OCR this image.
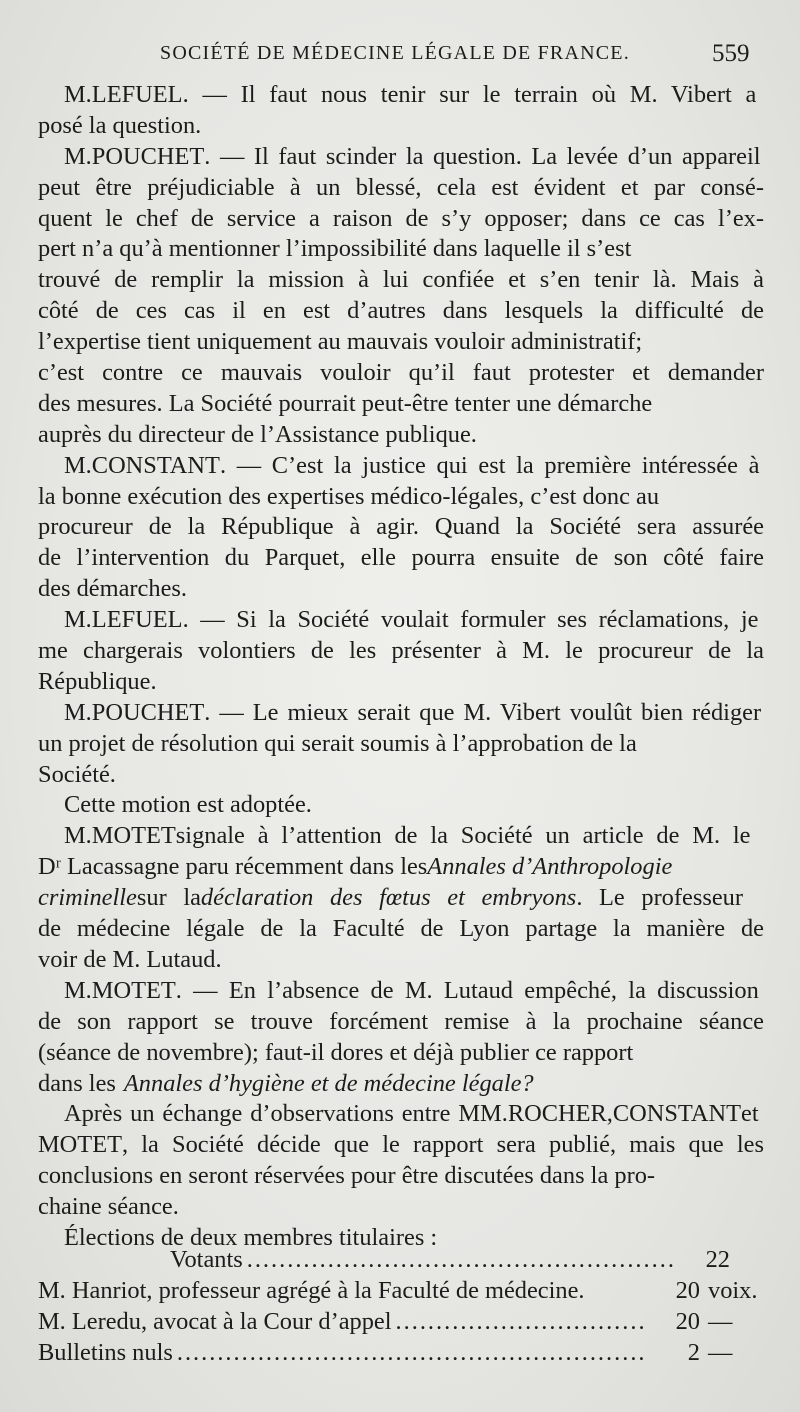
SOCIÉTÉ DE MÉDECINE LÉGALE DE FRANCE.	559
M.LEFUEL. — Il faut nous tenir sur le terrain où M. Vibert a
posé la question.
M.POUCHET. — Il faut scinder la question. La levée d’un appareil
peut être préjudiciable à un blessé, cela est évident et par consé-
quent le chef de service a raison de s’y opposer; dans ce cas l’ex-
pert n’a qu’à mentionner l’impossibilité dans laquelle il s’est
trouvé de remplir la mission à lui confiée et s’en tenir là. Mais à
côté de ces cas il en est d’autres dans lesquels la difficulté de
l’expertise tient uniquement au mauvais vouloir administratif;
c’est contre ce mauvais vouloir qu’il faut protester et demander
des mesures. La Société pourrait peut-être tenter une démarche
auprès du directeur de l’Assistance publique.
M.CONSTANT. — C’est la justice qui est la première intéressée à
la bonne exécution des expertises médico-légales, c’est donc au
procureur de la République à agir. Quand la Société sera assurée
de l’intervention du Parquet, elle pourra ensuite de son côté faire
des démarches.
M.LEFUEL. — Si la Société voulait formuler ses réclamations, je
me chargerais volontiers de les présenter à M. le procureur de la
République.
M.POUCHET. — Le mieux serait que M. Vibert voulût bien rédiger
un projet de résolution qui serait soumis à l’approbation de la
Société.
Cette motion est adoptée.
M.MOTETsignale à l’attention de la Société un article de M. le
Dʳ Lacassagne paru récemment dans lesAnnales d’Anthropologie
criminellesur ladéclaration des fœtus et embryons. Le professeur
de médecine légale de la Faculté de Lyon partage la manière de
voir de M. Lutaud.
M.MOTET. — En l’absence de M. Lutaud empêché, la discussion
de son rapport se trouve forcément remise à la prochaine séance
(séance de novembre); faut-il dores et déjà publier ce rapport
dans lesAnnales d’hygiène et de médecine légale?
Après un échange d’observations entre MM.ROCHER,CONSTANTet
MOTET, la Société décide que le rapport sera publié, mais que les
conclusions en seront réservées pour être discutées dans la pro-
chaine séance.
Élections de deux membres titulaires :
Votants .....	22
M. Hanriot, professeur agrégé à la Faculté de médecine.	20 voix.
M. Leredu, avocat à la Cour d’appel .....	20 —
Bulletins nuls .....	2 —
